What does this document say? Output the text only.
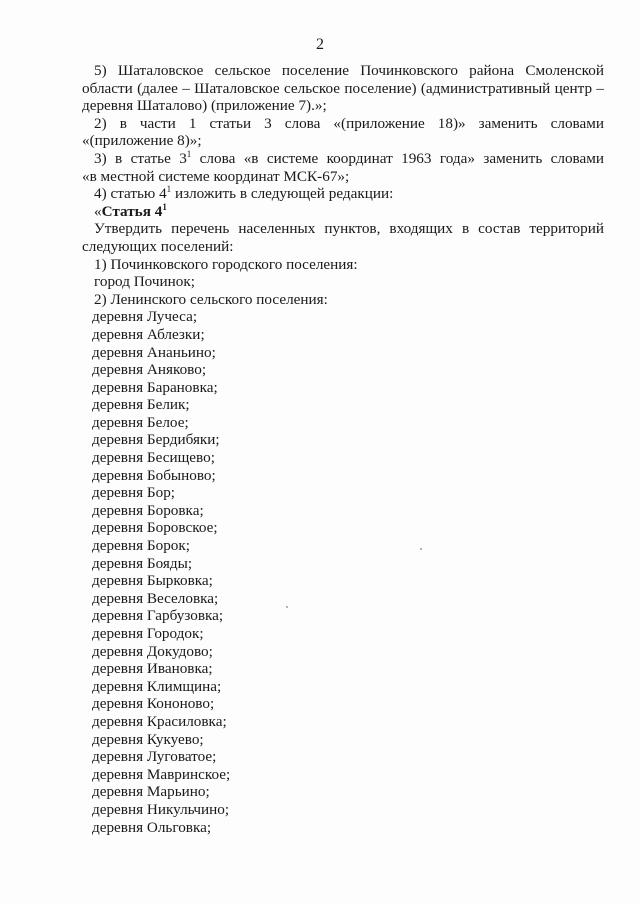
2

5) Шаталовское сельское поселение Починковского района Смоленской

области (далее – Шаталовское сельское поселение) (административный центр –

деревня Шаталово) (приложение 7).»;

2) в части 1 статьи 3 слова «(приложение 18)» заменить словами

«(приложение 8)»;

3) в статье $3^1$ слова «в системе координат 1963 года» заменить словами

«в местной системе координат МСК-67»;

4) статью $4^1$ изложить в следующей редакции:

«Статья $4^1$

Утвердить перечень населенных пунктов, входящих в состав территорий

следующих поселений:

1) Починковского городского поселения:

город Починок;

2) Ленинского сельского поселения:

деревня Лучеса;
деревня Аблезки;
деревня Ананьино;
деревня Аняково;
деревня Барановка;
деревня Белик;
деревня Белое;
деревня Бердибяки;
деревня Бесищево;
деревня Бобыново;
деревня Бор;
деревня Боровка;
деревня Боровское;
деревня Борок;
деревня Бояды;
деревня Бырковка;
деревня Веселовка;
деревня Гарбузовка;
деревня Городок;
деревня Докудово;
деревня Ивановка;
деревня Климщина;
деревня Кононово;
деревня Красиловка;
деревня Кукуево;
деревня Луговатое;
деревня Мавринское;
деревня Марьино;
деревня Никульчино;
деревня Ольговка;
